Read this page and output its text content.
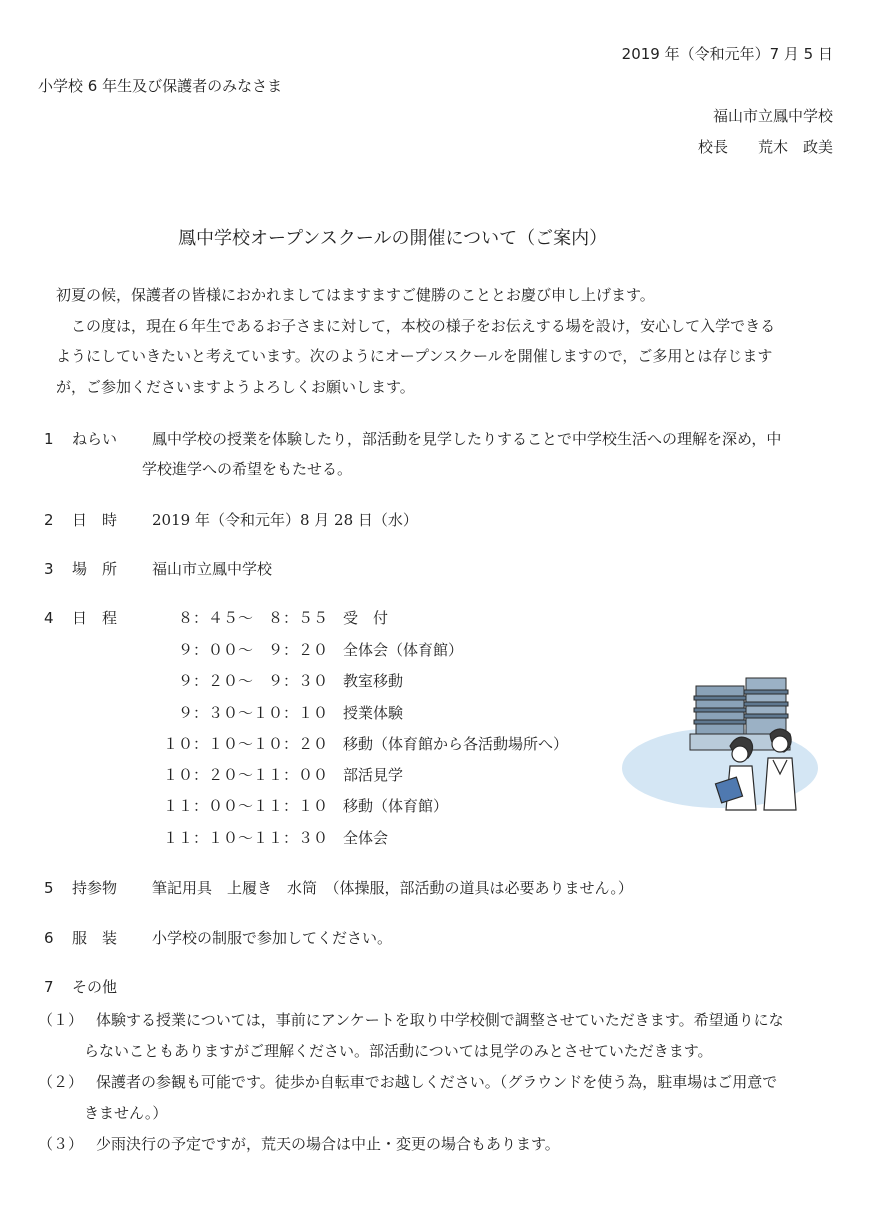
2019 年（令和元年）7 月 5 日
小学校 6 年生及び保護者のみなさま
福山市立鳳中学校
校長　　荒木　政美
鳳中学校オープンスクールの開催について（ご案内）
初夏の候，保護者の皆様におかれましてはますますご健勝のこととお慶び申し上げます。
　この度は，現在６年生であるお子さまに対して，本校の様子をお伝えする場を設け，安心して入学できる
ようにしていきたいと考えています。次のようにオープンスクールを開催しますので，ご多用とは存じます
が，ご参加くださいますようよろしくお願いします。
1 ねらい 鳳中学校の授業を体験したり，部活動を見学したりすることで中学校生活への理解を深め，中
学校進学への希望をもたせる。
2 日　時 2019 年（令和元年）8 月 28 日（水）
3 場　所 福山市立鳳中学校
4 日　程	８：４５～　８：５５ 受　付
９：００～　９：２０ 全体会（体育館）
９：２０～　９：３０ 教室移動
９：３０～１０：１０ 授業体験
１０：１０～１０：２０ 移動（体育館から各活動場所へ）
１０：２０～１１：００ 部活見学
１１：００～１１：１０ 移動（体育館）
１１：１０～１１：３０ 全体会
5 持参物 筆記用具　上履き　水筒　（体操服，部活動の道具は必要ありません。）
6 服　装 小学校の制服で参加してください。
7 その他
（１） 体験する授業については，事前にアンケートを取り中学校側で調整させていただきます。希望通りにな
らないこともありますがご理解ください。部活動については見学のみとさせていただきます。
（２） 保護者の参観も可能です。徒歩か自転車でお越しください。（グラウンドを使う為，駐車場はご用意で
きません。）
（３） 少雨決行の予定ですが，荒天の場合は中止・変更の場合もあります。
